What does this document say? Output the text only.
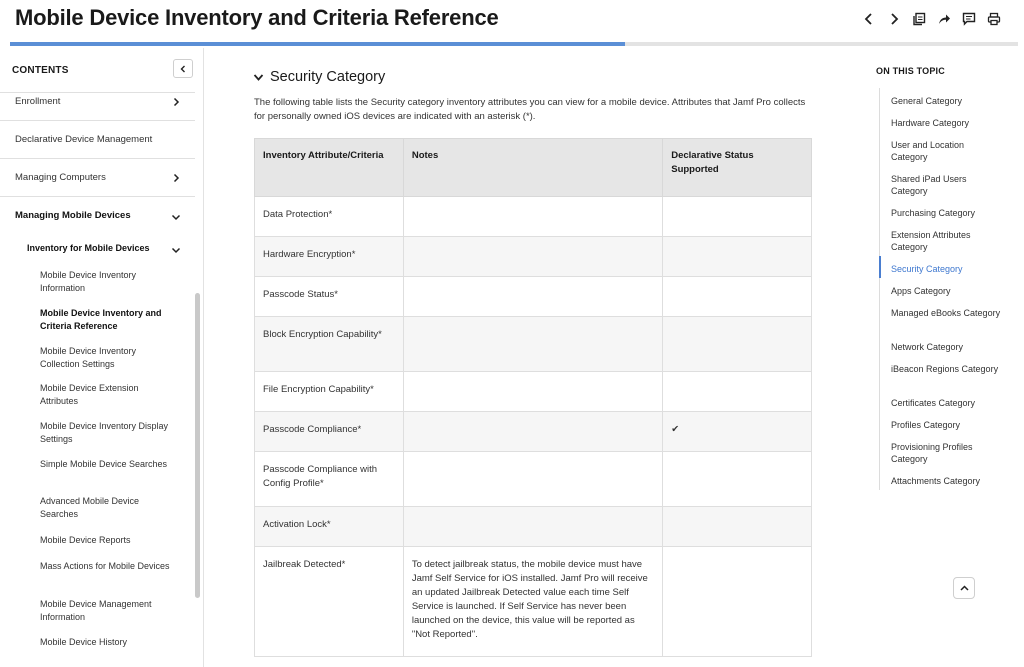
Mobile Device Inventory and Criteria Reference
CONTENTS
Enrollment
Declarative Device Management
Managing Computers
Managing Mobile Devices
Inventory for Mobile Devices
Mobile Device Inventory Information
Mobile Device Inventory and Criteria Reference
Mobile Device Inventory Collection Settings
Mobile Device Extension Attributes
Mobile Device Inventory Display Settings
Simple Mobile Device Searches
Advanced Mobile Device Searches
Mobile Device Reports
Mass Actions for Mobile Devices
Mobile Device Management Information
Mobile Device History
Security Category
The following table lists the Security category inventory attributes you can view for a mobile device. Attributes that Jamf Pro collects for personally owned iOS devices are indicated with an asterisk (*).
Inventory Attribute/Criteria	Notes	Declarative Status Supported
Data Protection*		
Hardware Encryption*		
Passcode Status*		
Block Encryption Capability*		
File Encryption Capability*		
Passcode Compliance*		✔
Passcode Compliance with Config Profile*		
Activation Lock*		
Jailbreak Detected*	To detect jailbreak status, the mobile device must have Jamf Self Service for iOS installed. Jamf Pro will receive an updated Jailbreak Detected value each time Self Service is launched. If Self Service has never been launched on the device, this value will be reported as "Not Reported".	
ON THIS TOPIC
General Category
Hardware Category
User and Location Category
Shared iPad Users Category
Purchasing Category
Extension Attributes Category
Security Category
Apps Category
Managed eBooks Category
Network Category
iBeacon Regions Category
Certificates Category
Profiles Category
Provisioning Profiles Category
Attachments Category
